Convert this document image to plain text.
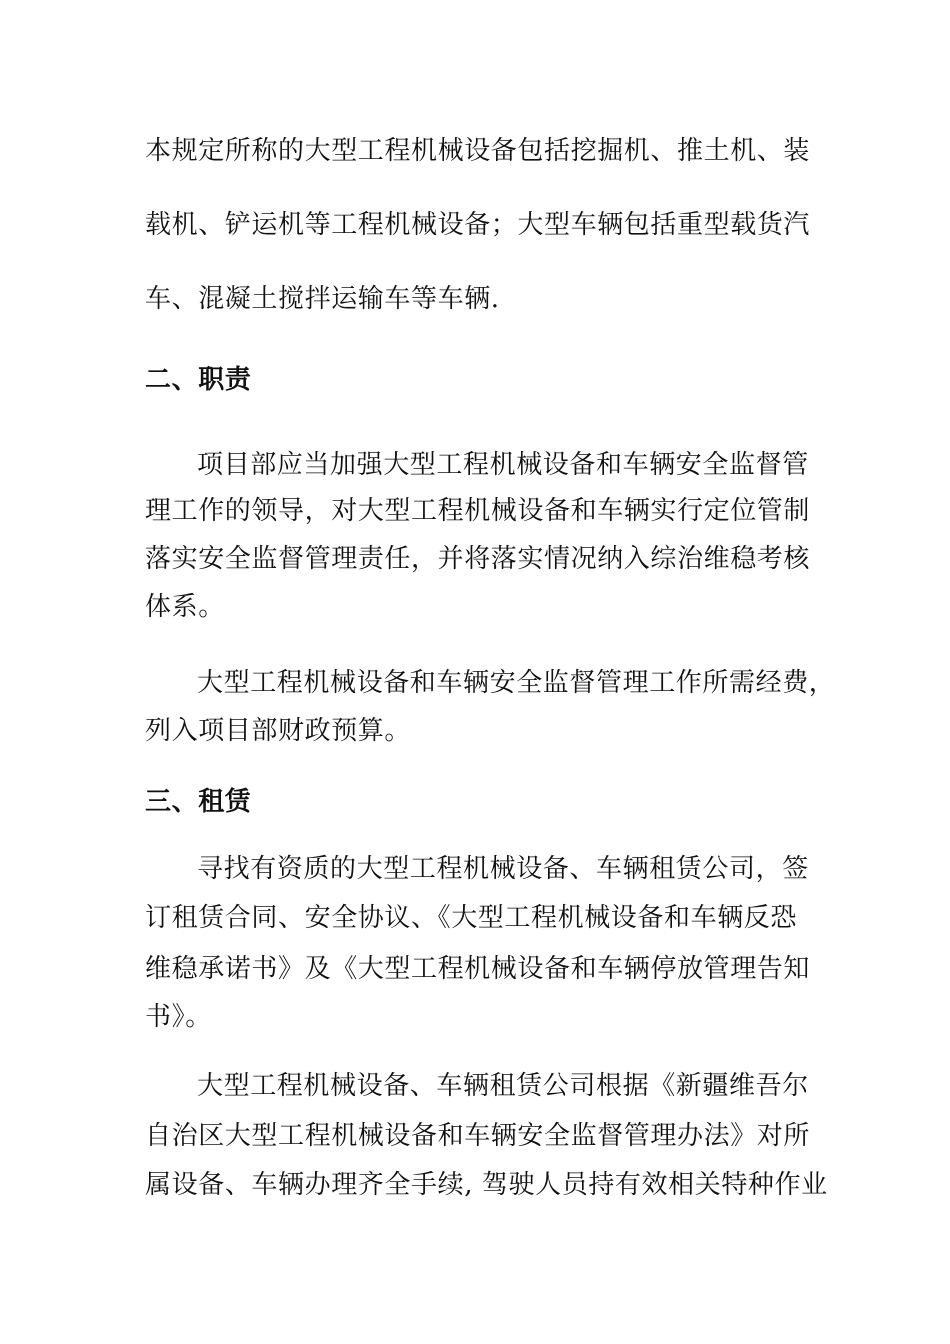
本规定所称的大型工程机械设备包括挖掘机、推土机、装
载机、铲运机等工程机械设备；大型车辆包括重型载货汽
车、混凝土搅拌运输车等车辆.
二、职责
项目部应当加强大型工程机械设备和车辆安全监督管
理工作的领导，对大型工程机械设备和车辆实行定位管制
落实安全监督管理责任，并将落实情况纳入综治维稳考核
体系。
大型工程机械设备和车辆安全监督管理工作所需经费，
列入项目部财政预算。
三、租赁
寻找有资质的大型工程机械设备、车辆租赁公司，签
订租赁合同、安全协议、《大型工程机械设备和车辆反恐
维稳承诺书》及《大型工程机械设备和车辆停放管理告知
书》。
大型工程机械设备、车辆租赁公司根据《新疆维吾尔
自治区大型工程机械设备和车辆安全监督管理办法》对所
属设备、车辆办理齐全手续, 驾驶人员持有效相关特种作业
